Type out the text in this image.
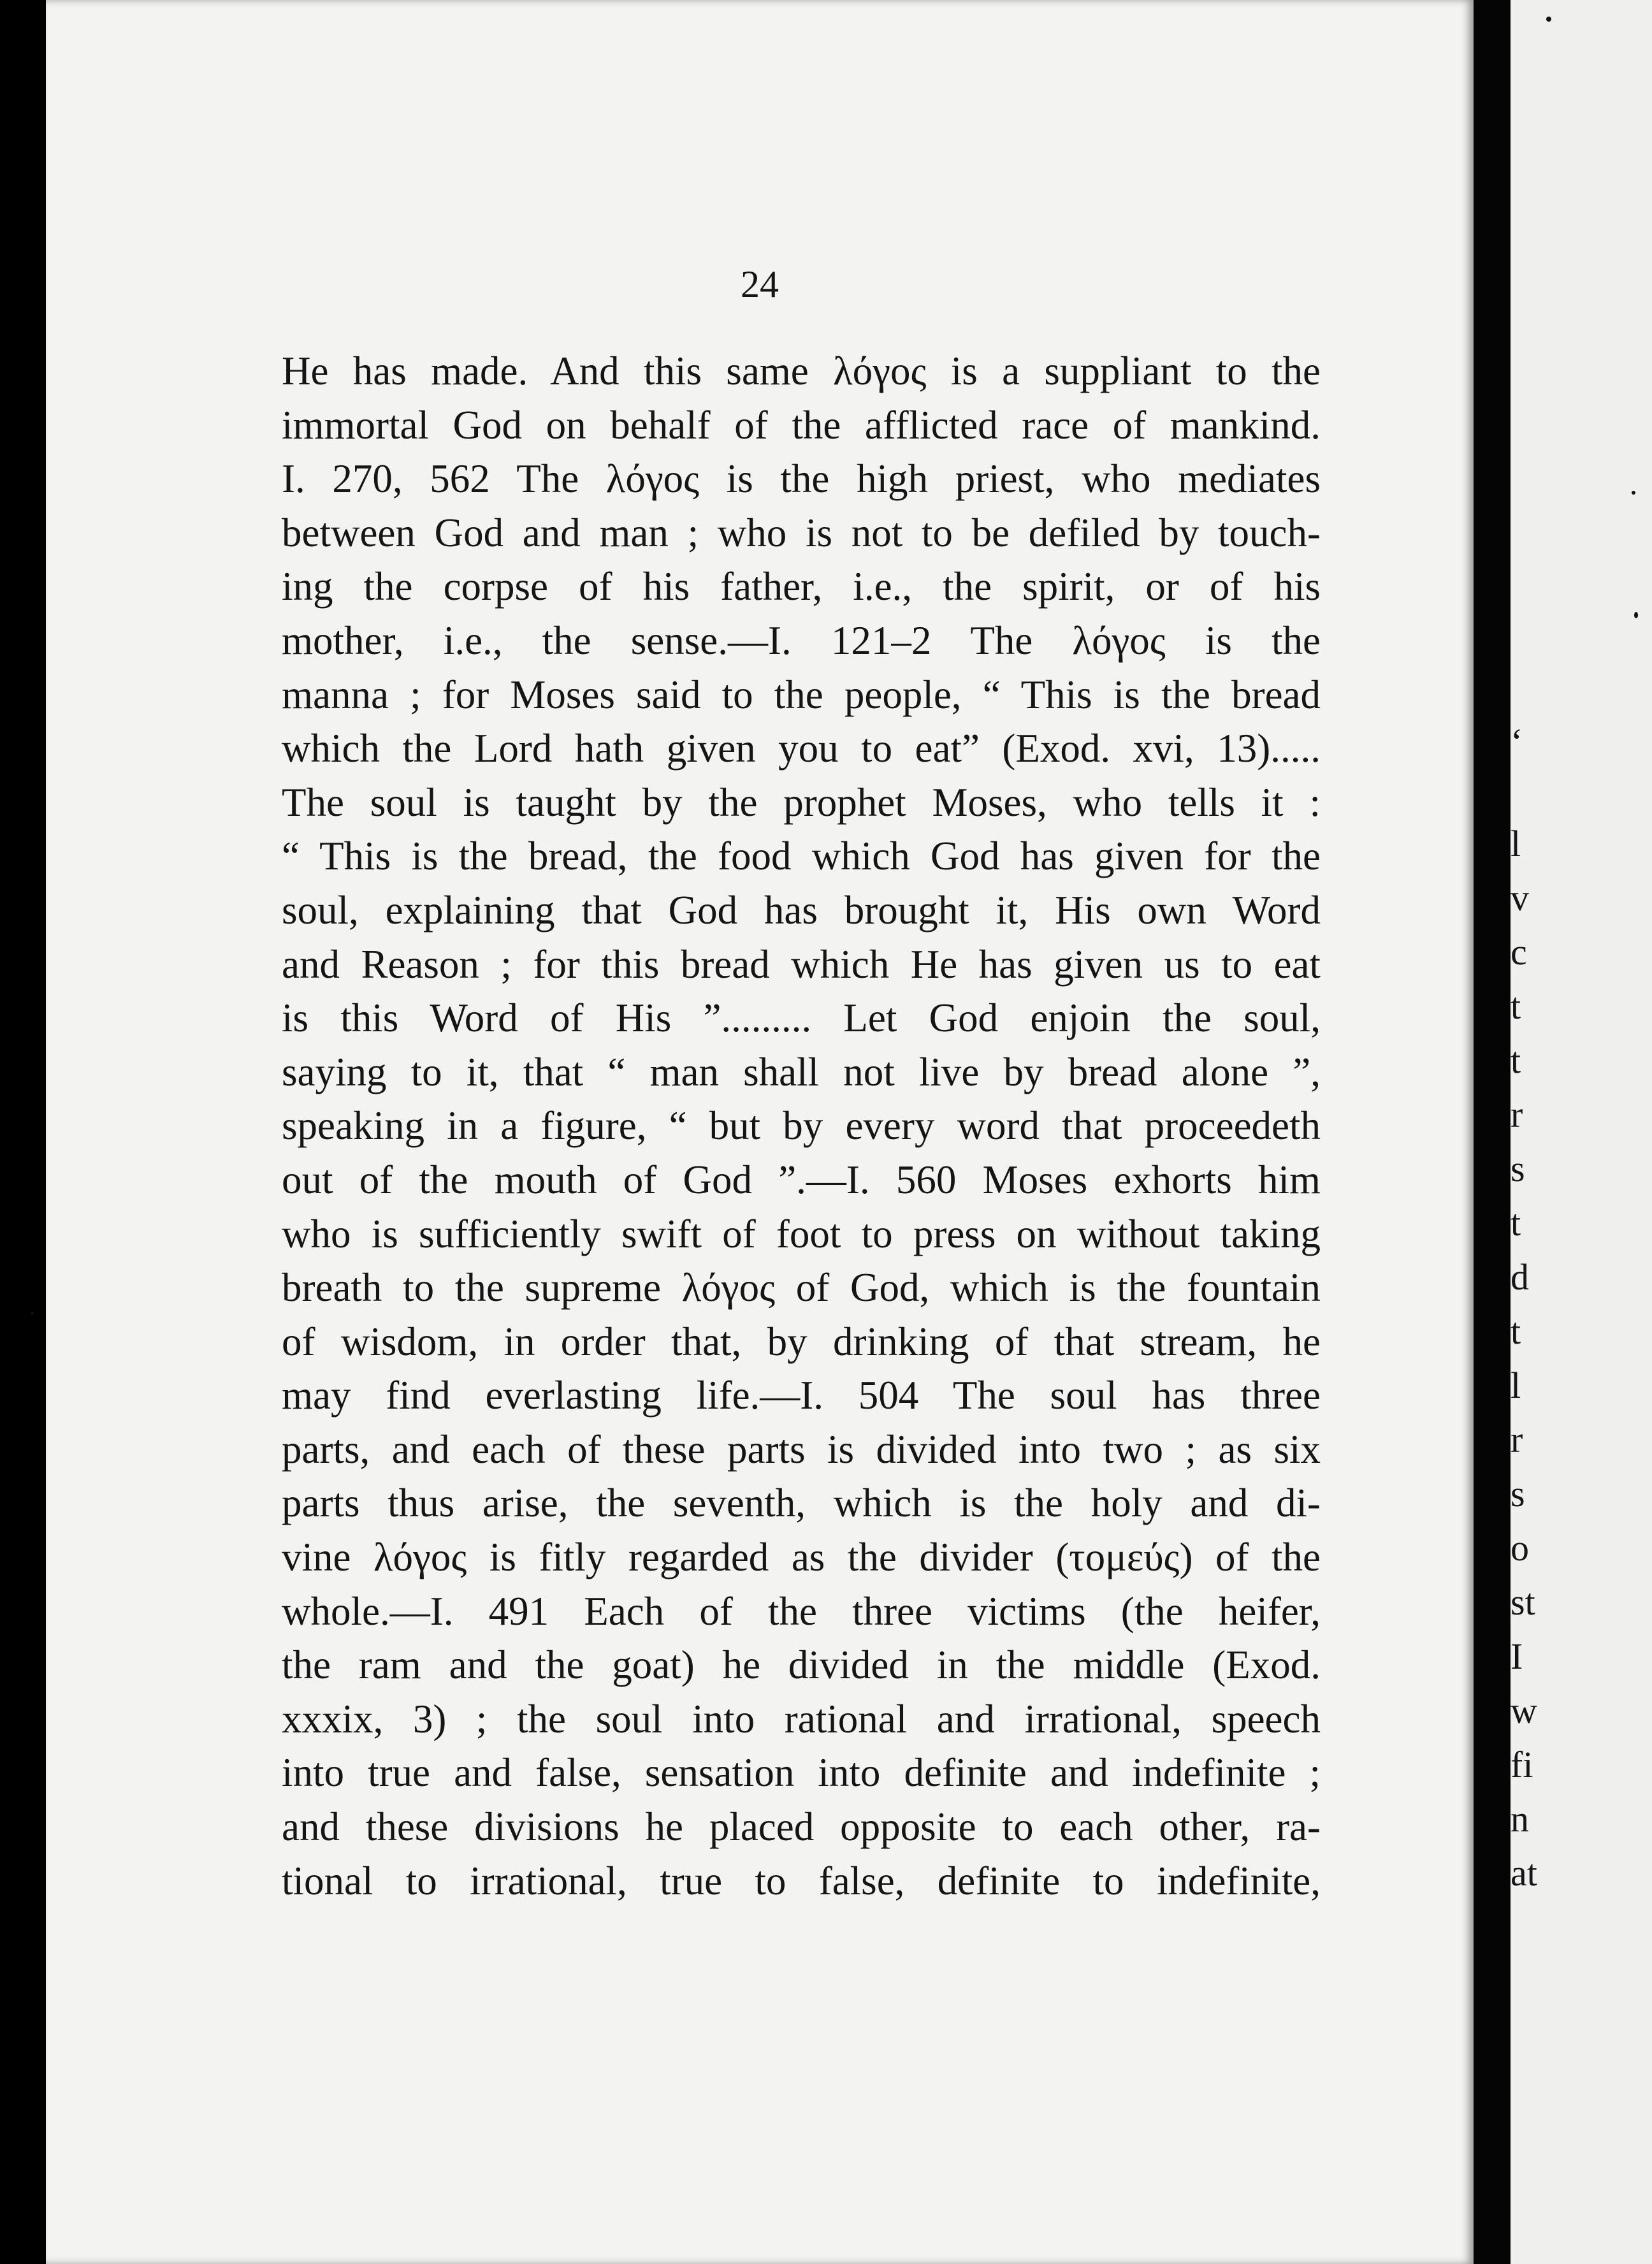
24
He has made. And this same λόγος is a suppliant to the
immortal God on behalf of the afflicted race of mankind.
I. 270, 562 The λόγος is the high priest, who mediates
between God and man ; who is not to be defiled by touch-
ing the corpse of his father, i.e., the spirit, or of his
mother, i.e., the sense.—I. 121–2 The λόγος is the
manna ; for Moses said to the people, “ This is the bread
which the Lord hath given you to eat” (Exod. xvi, 13).....
The soul is taught by the prophet Moses, who tells it :
“ This is the bread, the food which God has given for the
soul, explaining that God has brought it, His own Word
and Reason ; for this bread which He has given us to eat
is this Word of His ”......... Let God enjoin the soul,
saying to it, that “ man shall not live by bread alone ”,
speaking in a figure, “ but by every word that proceedeth
out of the mouth of God ”.—I. 560 Moses exhorts him
who is sufficiently swift of foot to press on without taking
breath to the supreme λόγος of God, which is the fountain
of wisdom, in order that, by drinking of that stream, he
may find everlasting life.—I. 504 The soul has three
parts, and each of these parts is divided into two ; as six
parts thus arise, the seventh, which is the holy and di-
vine λόγος is fitly regarded as the divider (τομεύς) of the
whole.—I. 491 Each of the three victims (the heifer,
the ram and the goat) he divided in the middle (Exod.
xxxix, 3) ; the soul into rational and irrational, speech
into true and false, sensation into definite and indefinite ;
and these divisions he placed opposite to each other, ra-
tional to irrational, true to false, definite to indefinite,
‘
l
v
c
t
t
r
s
t
d
t
l
r
s
o
st
I
w
fi
n
at
